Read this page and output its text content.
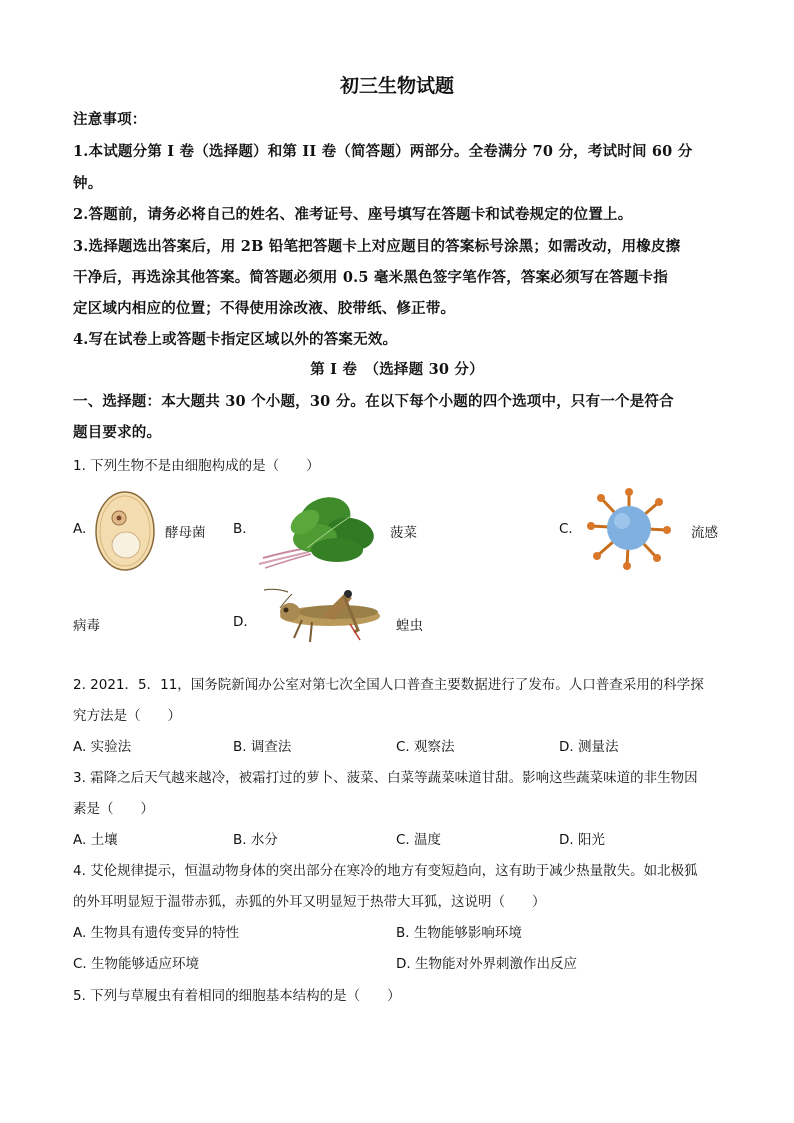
初三生物试题
注意事项：
1.本试题分第 I 卷（选择题）和第 II 卷（简答题）两部分。全卷满分 70 分，考试时间 60 分
钟。
2.答题前，请务必将自己的姓名、准考证号、座号填写在答题卡和试卷规定的位置上。
3.选择题选出答案后，用 2B 铅笔把答题卡上对应题目的答案标号涂黑；如需改动，用橡皮擦
干净后，再选涂其他答案。简答题必须用 0.5 毫米黑色签字笔作答，答案必须写在答题卡指
定区域内相应的位置；不得使用涂改液、胶带纸、修正带。
4.写在试卷上或答题卡指定区域以外的答案无效。
第 I 卷　（选择题 30 分）
一、选择题：本大题共 30 个小题，30 分。在以下每个小题的四个选项中，只有一个是符合
题目要求的。
1. 下列生物不是由细胞构成的是（　　）
A.	酵母菌 B.	菠菜	C.	流感
病毒	D.	蝗虫
2. 2021．5．11，国务院新闻办公室对第七次全国人口普查主要数据进行了发布。人口普查采用的科学探
究方法是（　　）
A. 实验法	B. 调查法	C. 观察法	D. 测量法
3. 霜降之后天气越来越冷，被霜打过的萝卜、菠菜、白菜等蔬菜味道甘甜。影响这些蔬菜味道的非生物因
素是（　　）
A. 土壤	B. 水分	C. 温度	D. 阳光
4. 艾伦规律提示，恒温动物身体的突出部分在寒冷的地方有变短趋向，这有助于减少热量散失。如北极狐
的外耳明显短于温带赤狐，赤狐的外耳又明显短于热带大耳狐，这说明（　　）
A. 生物具有遗传变异的特性	B. 生物能够影响环境
C. 生物能够适应环境	D. 生物能对外界刺激作出反应
5. 下列与草履虫有着相同的细胞基本结构的是（　　）
